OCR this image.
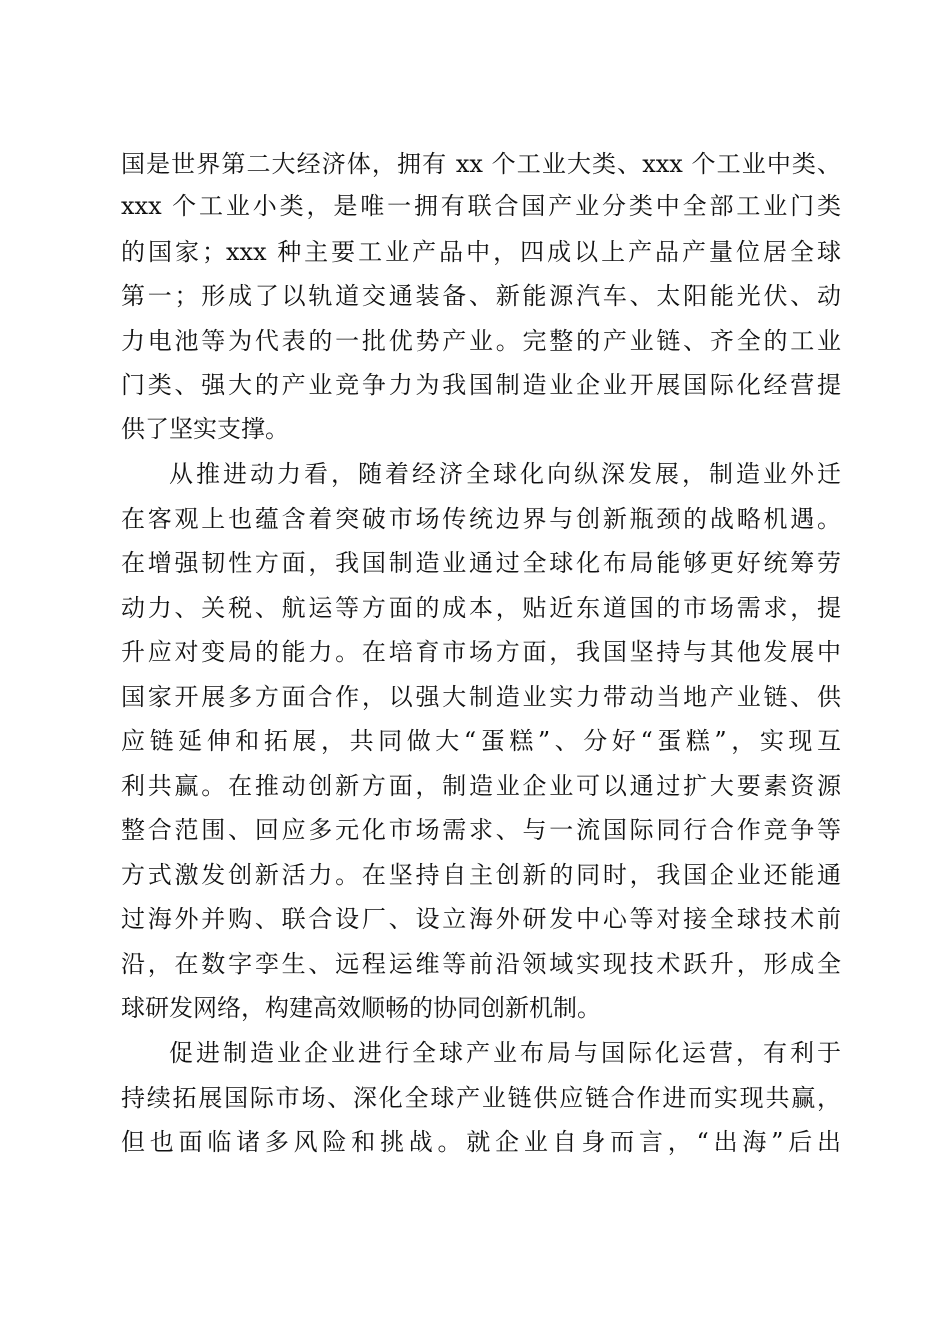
国是世界第二大经济体，拥有 xx 个工业大类、xxx 个工业中类、
xxx 个工业小类，是唯一拥有联合国产业分类中全部工业门类
的国家；xxx 种主要工业产品中，四成以上产品产量位居全球
第一；形成了以轨道交通装备、新能源汽车、太阳能光伏、动
力电池等为代表的一批优势产业。完整的产业链、齐全的工业
门类、强大的产业竞争力为我国制造业企业开展国际化经营提
供了坚实支撑。
从推进动力看，随着经济全球化向纵深发展，制造业外迁
在客观上也蕴含着突破市场传统边界与创新瓶颈的战略机遇。
在增强韧性方面，我国制造业通过全球化布局能够更好统筹劳
动力、关税、航运等方面的成本，贴近东道国的市场需求，提
升应对变局的能力。在培育市场方面，我国坚持与其他发展中
国家开展多方面合作，以强大制造业实力带动当地产业链、供
应链延伸和拓展，共同做大“蛋糕”、分好“蛋糕”，实现互
利共赢。在推动创新方面，制造业企业可以通过扩大要素资源
整合范围、回应多元化市场需求、与一流国际同行合作竞争等
方式激发创新活力。在坚持自主创新的同时，我国企业还能通
过海外并购、联合设厂、设立海外研发中心等对接全球技术前
沿，在数字孪生、远程运维等前沿领域实现技术跃升，形成全
球研发网络，构建高效顺畅的协同创新机制。
促进制造业企业进行全球产业布局与国际化运营，有利于
持续拓展国际市场、深化全球产业链供应链合作进而实现共赢，
但也面临诸多风险和挑战。就企业自身而言，“出海”后出
